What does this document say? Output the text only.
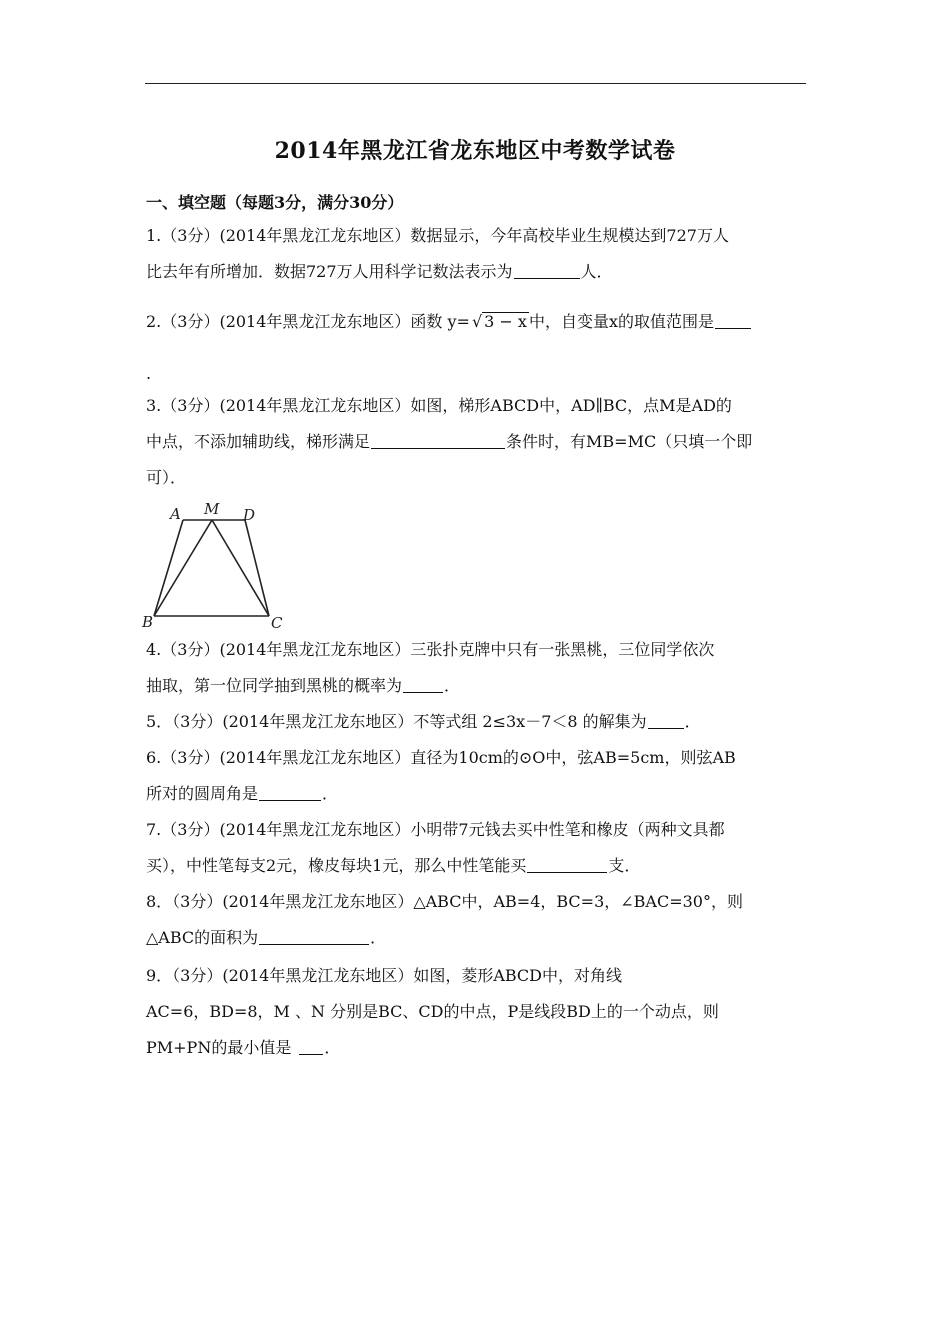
2014年黑龙江省龙东地区中考数学试卷
一、填空题（每题3分，满分30分）
1.（3分）(2014年黑龙江龙东地区）数据显示，今年高校毕业生规模达到727万人
比去年有所增加．数据727万人用科学记数法表示为	人．
2.（3分）(2014年黑龙江龙东地区）函数 y= √ 3 − x 中，自变量x的取值范围是
.
3.（3分）(2014年黑龙江龙东地区）如图，梯形ABCD中，AD∥BC，点M是AD的
中点，不添加辅助线，梯形满足	条件时，有MB=MC（只填一个即
可）．
A M D
B	C
4.（3分）(2014年黑龙江龙东地区）三张扑克牌中只有一张黑桃，三位同学依次
抽取，第一位同学抽到黑桃的概率为	．
5．（3分）(2014年黑龙江龙东地区）不等式组 2≤3x－7＜8 的解集为 ．
6.（3分）(2014年黑龙江龙东地区）直径为10cm的⊙O中，弦AB=5cm，则弦AB
所对的圆周角是	．
7.（3分）(2014年黑龙江龙东地区）小明带7元钱去买中性笔和橡皮（两种文具都
买），中性笔每支2元，橡皮每块1元，那么中性笔能买	支．
8．（3分）(2014年黑龙江龙东地区）△ABC中，AB=4，BC=3，∠BAC=30°，则
△ABC的面积为	．
9．（3分）(2014年黑龙江龙东地区）如图，菱形ABCD中，对角线
AC=6，BD=8，M 、N 分别是BC、CD的中点，P是线段BD上的一个动点，则
PM+PN的最小值是 ．
